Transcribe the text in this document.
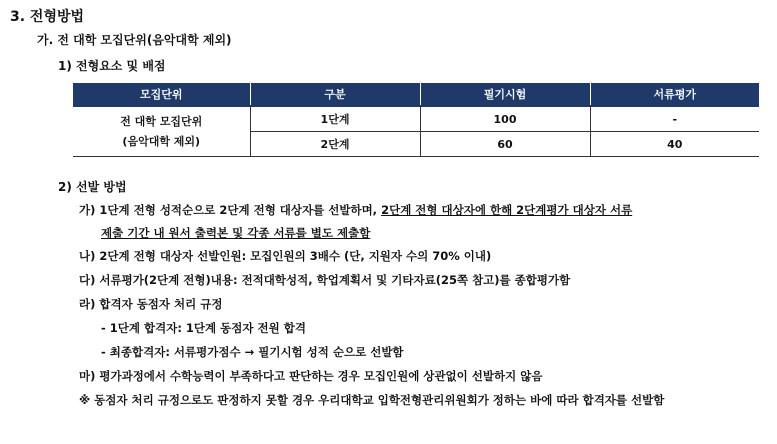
3. 전형방법
가. 전 대학 모집단위(음악대학 제외)
1) 전형요소 및 배점
모집단위	구분	필기시험	서류평가

전 대학 모집단위
(음악대학 제외)	1단계	100	-
	2단계	60	40
2) 선발 방법
가) 1단계 전형 성적순으로 2단계 전형 대상자를 선발하며, 2단계 전형 대상자에 한해 2단계평가 대상자 서류
제출 기간 내 원서 출력본 및 각종 서류를 별도 제출함
나) 2단계 전형 대상자 선발인원: 모집인원의 3배수 (단, 지원자 수의 70% 이내)
다) 서류평가(2단계 전형)내용: 전적대학성적, 학업계획서 및 기타자료(25쪽 참고)를 종합평가함
라) 합격자 동점자 처리 규정
- 1단계 합격자: 1단계 동점자 전원 합격
- 최종합격자: 서류평가점수 → 필기시험 성적 순으로 선발함
마) 평가과정에서 수학능력이 부족하다고 판단하는 경우 모집인원에 상관없이 선발하지 않음
※ 동점자 처리 규정으로도 판정하지 못할 경우 우리대학교 입학전형관리위원회가 정하는 바에 따라 합격자를 선발함
